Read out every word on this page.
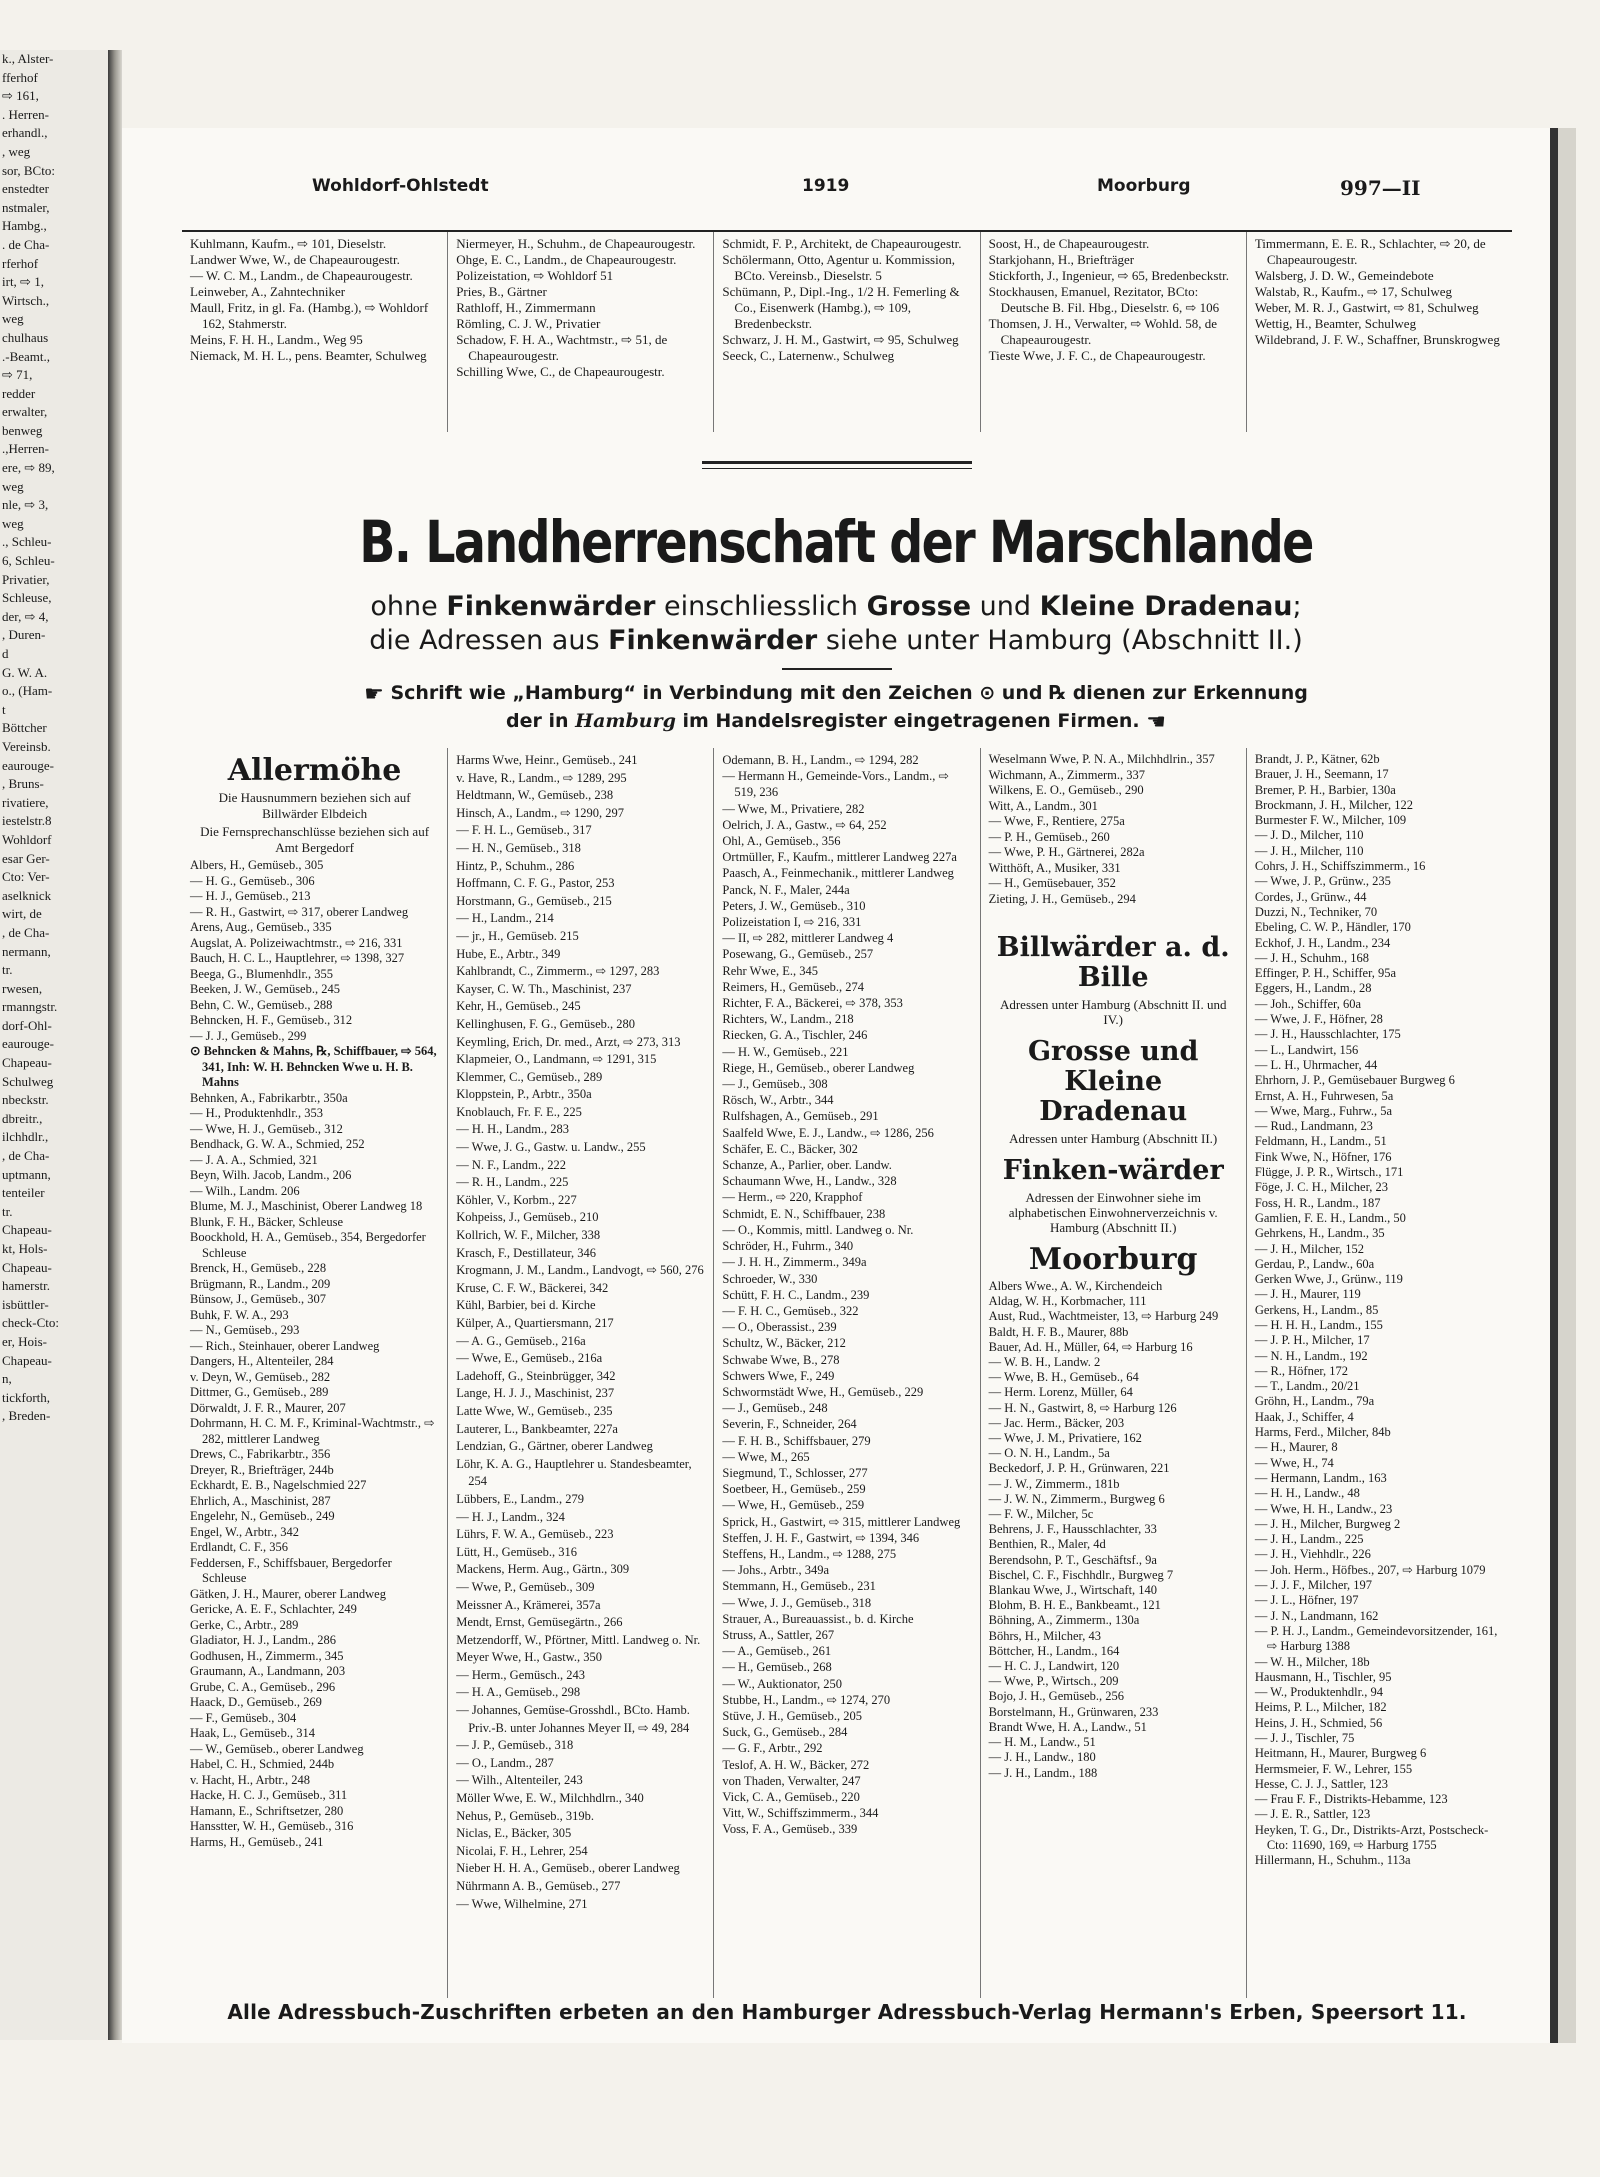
k., Alster-
fferhof
⇨ 161,
. Herren-
erhandl.,
, weg
sor, BCto:
enstedter
nstmaler,
Hambg.,
. de Cha-
rferhof
irt, ⇨ 1,
Wirtsch.,
weg
chulhaus
.-Beamt.,
⇨ 71,
redder
erwalter,
benweg
.,Herren-
ere, ⇨ 89,
weg
nle, ⇨ 3,
weg
., Schleu-
6, Schleu-
Privatier,
Schleuse,
der, ⇨ 4,
, Duren-
d
G. W. A.
o., (Ham-
t
Böttcher
Vereinsb.
eaurouge-
, Bruns-
rivatiere,
iestelstr.8
Wohldorf
esar Ger-
Cto: Ver-
aselknick
wirt, de
, de Cha-
nermann,
tr.
rwesen,
rmanngstr.
dorf-Ohl-
eaurouge-
Chapeau-
Schulweg
nbeckstr.
dbreitr.,
ilchhdlr.,
, de Cha-
uptmann,
tenteiler
tr.
Chapeau-
kt, Hols-
Chapeau-
hamerstr.
isbüttler-
check-Cto:
er, Hois-
Chapeau-
n,
tickforth,
, Breden-
Wohldorf-Ohlstedt	1919	Moorburg	997—II
Kuhlmann, Kaufm., ⇨ 101, Dieselstr.
Landwer Wwe, W., de Chapeaurougestr.
— W. C. M., Landm., de Chapeaurougestr.
Leinweber, A., Zahntechniker
Maull, Fritz, in gl. Fa. (Hambg.), ⇨ Wohldorf 162, Stahmerstr.
Meins, F. H. H., Landm., Weg 95
Niemack, M. H. L., pens. Beamter, Schulweg
Niermeyer, H., Schuhm., de Chapeaurougestr.
Ohge, E. C., Landm., de Chapeaurougestr.
Polizeistation, ⇨ Wohldorf 51
Pries, B., Gärtner
Rathloff, H., Zimmermann
Römling, C. J. W., Privatier
Schadow, F. H. A., Wachtmstr., ⇨ 51, de Chapeaurougestr.
Schilling Wwe, C., de Chapeaurougestr.
Schmidt, F. P., Architekt, de Chapeaurougestr.
Schölermann, Otto, Agentur u. Kommission, BCto. Vereinsb., Dieselstr. 5
Schümann, P., Dipl.-Ing., 1/2 H. Femerling & Co., Eisenwerk (Hambg.), ⇨ 109, Bredenbeckstr.
Schwarz, J. H. M., Gastwirt, ⇨ 95, Schulweg
Seeck, C., Laternenw., Schulweg
Soost, H., de Chapeaurougestr.
Starkjohann, H., Briefträger
Stickforth, J., Ingenieur, ⇨ 65, Bredenbeckstr.
Stockhausen, Emanuel, Rezitator, BCto: Deutsche B. Fil. Hbg., Dieselstr. 6, ⇨ 106
Thomsen, J. H., Verwalter, ⇨ Wohld. 58, de Chapeaurougestr.
Tieste Wwe, J. F. C., de Chapeaurougestr.
Timmermann, E. E. R., Schlachter, ⇨ 20, de Chapeaurougestr.
Walsberg, J. D. W., Gemeindebote
Walstab, R., Kaufm., ⇨ 17, Schulweg
Weber, M. R. J., Gastwirt, ⇨ 81, Schulweg
Wettig, H., Beamter, Schulweg
Wildebrand, J. F. W., Schaffner, Brunskrogweg
B. Landherrenschaft der Marschlande
ohne Finkenwärder einschliesslich Grosse und Kleine Dradenau;
die Adressen aus Finkenwärder siehe unter Hamburg (Abschnitt II.)
☛ Schrift wie „Hamburg“ in Verbindung mit den Zeichen ⊙ und ℞ dienen zur Erkennung
der in Hamburg im Handelsregister eingetragenen Firmen. ☚
Allermöhe
Die Hausnummern beziehen sich auf Billwärder Elbdeich
Die Fernsprechanschlüsse beziehen sich auf Amt Bergedorf
Albers, H., Gemüseb., 305
— H. G., Gemüseb., 306
— H. J., Gemüseb., 213
— R. H., Gastwirt, ⇨ 317, oberer Landweg
Arens, Aug., Gemüseb., 335
Augslat, A. Polizeiwachtmstr., ⇨ 216, 331
Bauch, H. C. L., Hauptlehrer, ⇨ 1398, 327
Beega, G., Blumenhdlr., 355
Beeken, J. W., Gemüseb., 245
Behn, C. W., Gemüseb., 288
Behncken, H. F., Gemüseb., 312
— J. J., Gemüseb., 299
⊙ Behncken & Mahns, ℞, Schiffbauer, ⇨ 564, 341, Inh: W. H. Behncken Wwe u. H. B. Mahns
Behnken, A., Fabrikarbtr., 350a
— H., Produktenhdlr., 353
— Wwe, H. J., Gemüseb., 312
Bendhack, G. W. A., Schmied, 252
— J. A. A., Schmied, 321
Beyn, Wilh. Jacob, Landm., 206
— Wilh., Landm. 206
Blume, M. J., Maschinist, Oberer Landweg 18
Blunk, F. H., Bäcker, Schleuse
Boockhold, H. A., Gemüseb., 354, Bergedorfer Schleuse
Brenck, H., Gemüseb., 228
Brügmann, R., Landm., 209
Bünsow, J., Gemüseb., 307
Buhk, F. W. A., 293
— N., Gemüseb., 293
— Rich., Steinhauer, oberer Landweg
Dangers, H., Altenteiler, 284
v. Deyn, W., Gemüseb., 282
Dittmer, G., Gemüseb., 289
Dörwaldt, J. F. R., Maurer, 207
Dohrmann, H. C. M. F., Kriminal-Wachtmstr., ⇨ 282, mittlerer Landweg
Drews, C., Fabrikarbtr., 356
Dreyer, R., Briefträger, 244b
Eckhardt, E. B., Nagelschmied 227
Ehrlich, A., Maschinist, 287
Engelehr, N., Gemüseb., 249
Engel, W., Arbtr., 342
Erdlandt, C. F., 356
Feddersen, F., Schiffsbauer, Bergedorfer Schleuse
Gätken, J. H., Maurer, oberer Landweg
Gericke, A. E. F., Schlachter, 249
Gerke, C., Arbtr., 289
Gladiator, H. J., Landm., 286
Godhusen, H., Zimmerm., 345
Graumann, A., Landmann, 203
Grube, C. A., Gemüseb., 296
Haack, D., Gemüseb., 269
— F., Gemüseb., 304
Haak, L., Gemüseb., 314
— W., Gemüseb., oberer Landweg
Habel, C. H., Schmied, 244b
v. Hacht, H., Arbtr., 248
Hacke, H. C. J., Gemüseb., 311
Hamann, E., Schriftsetzer, 280
Hansstter, W. H., Gemüseb., 316
Harms, H., Gemüseb., 241
Harms Wwe, Heinr., Gemüseb., 241
v. Have, R., Landm., ⇨ 1289, 295
Heldtmann, W., Gemüseb., 238
Hinsch, A., Landm., ⇨ 1290, 297
— F. H. L., Gemüseb., 317
— H. N., Gemüseb., 318
Hintz, P., Schuhm., 286
Hoffmann, C. F. G., Pastor, 253
Horstmann, G., Gemüseb., 215
— H., Landm., 214
— jr., H., Gemüseb. 215
Hube, E., Arbtr., 349
Kahlbrandt, C., Zimmerm., ⇨ 1297, 283
Kayser, C. W. Th., Maschinist, 237
Kehr, H., Gemüseb., 245
Kellinghusen, F. G., Gemüseb., 280
Keymling, Erich, Dr. med., Arzt, ⇨ 273, 313
Klapmeier, O., Landmann, ⇨ 1291, 315
Klemmer, C., Gemüseb., 289
Kloppstein, P., Arbtr., 350a
Knoblauch, Fr. F. E., 225
— H. H., Landm., 283
— Wwe, J. G., Gastw. u. Landw., 255
— N. F., Landm., 222
— R. H., Landm., 225
Köhler, V., Korbm., 227
Kohpeiss, J., Gemüseb., 210
Kollrich, W. F., Milcher, 338
Krasch, F., Destillateur, 346
Krogmann, J. M., Landm., Landvogt, ⇨ 560, 276
Kruse, C. F. W., Bäckerei, 342
Kühl, Barbier, bei d. Kirche
Külper, A., Quartiersmann, 217
— A. G., Gemüseb., 216a
— Wwe, E., Gemüseb., 216a
Ladehoff, G., Steinbrügger, 342
Lange, H. J. J., Maschinist, 237
Latte Wwe, W., Gemüseb., 235
Lauterer, L., Bankbeamter, 227a
Lendzian, G., Gärtner, oberer Landweg
Löhr, K. A. G., Hauptlehrer u. Standesbeamter, 254
Lübbers, E., Landm., 279
— H. J., Landm., 324
Lührs, F. W. A., Gemüseb., 223
Lütt, H., Gemüseb., 316
Mackens, Herm. Aug., Gärtn., 309
— Wwe, P., Gemüseb., 309
Meissner A., Krämerei, 357a
Mendt, Ernst, Gemüsegärtn., 266
Metzendorff, W., Pförtner, Mittl. Landweg o. Nr.
Meyer Wwe, H., Gastw., 350
— Herm., Gemüsch., 243
— H. A., Gemüseb., 298
— Johannes, Gemüse-Grosshdl., BCto. Hamb. Priv.-B. unter Johannes Meyer II, ⇨ 49, 284
— J. P., Gemüseb., 318
— O., Landm., 287
— Wilh., Altenteiler, 243
Möller Wwe, E. W., Milchhdlrn., 340
Nehus, P., Gemüseb., 319b.
Niclas, E., Bäcker, 305
Nicolai, F. H., Lehrer, 254
Nieber H. H. A., Gemüseb., oberer Landweg
Nührmann A. B., Gemüseb., 277
— Wwe, Wilhelmine, 271
Odemann, B. H., Landm., ⇨ 1294, 282
— Hermann H., Gemeinde-Vors., Landm., ⇨ 519, 236
— Wwe, M., Privatiere, 282
Oelrich, J. A., Gastw., ⇨ 64, 252
Ohl, A., Gemüseb., 356
Ortmüller, F., Kaufm., mittlerer Landweg 227a
Paasch, A., Feinmechanik., mittlerer Landweg
Panck, N. F., Maler, 244a
Peters, J. W., Gemüseb., 310
Polizeistation I, ⇨ 216, 331
— II, ⇨ 282, mittlerer Landweg 4
Posewang, G., Gemüseb., 257
Rehr Wwe, E., 345
Reimers, H., Gemüseb., 274
Richter, F. A., Bäckerei, ⇨ 378, 353
Richters, W., Landm., 218
Riecken, G. A., Tischler, 246
— H. W., Gemüseb., 221
Riege, H., Gemüseb., oberer Landweg
— J., Gemüseb., 308
Rösch, W., Arbtr., 344
Rulfshagen, A., Gemüseb., 291
Saalfeld Wwe, E. J., Landw., ⇨ 1286, 256
Schäfer, E. C., Bäcker, 302
Schanze, A., Parlier, ober. Landw.
Schaumann Wwe, H., Landw., 328
— Herm., ⇨ 220, Krapphof
Schmidt, E. N., Schiffbauer, 238
— O., Kommis, mittl. Landweg o. Nr.
Schröder, H., Fuhrm., 340
— J. H. H., Zimmerm., 349a
Schroeder, W., 330
Schütt, F. H. C., Landm., 239
— F. H. C., Gemüseb., 322
— O., Oberassist., 239
Schultz, W., Bäcker, 212
Schwabe Wwe, B., 278
Schwers Wwe, F., 249
Schwormstädt Wwe, H., Gemüseb., 229
— J., Gemüseb., 248
Severin, F., Schneider, 264
— F. H. B., Schiffsbauer, 279
— Wwe, M., 265
Siegmund, T., Schlosser, 277
Soetbeer, H., Gemüseb., 259
— Wwe, H., Gemüseb., 259
Sprick, H., Gastwirt, ⇨ 315, mittlerer Landweg
Steffen, J. H. F., Gastwirt, ⇨ 1394, 346
Steffens, H., Landm., ⇨ 1288, 275
— Johs., Arbtr., 349a
Stemmann, H., Gemüseb., 231
— Wwe, J. J., Gemüseb., 318
Strauer, A., Bureauassist., b. d. Kirche
Struss, A., Sattler, 267
— A., Gemüseb., 261
— H., Gemüseb., 268
— W., Auktionator, 250
Stubbe, H., Landm., ⇨ 1274, 270
Stüve, J. H., Gemüseb., 205
Suck, G., Gemüseb., 284
— G. F., Arbtr., 292
Teslof, A. H. W., Bäcker, 272
von Thaden, Verwalter, 247
Vick, C. A., Gemüseb., 220
Vitt, W., Schiffszimmerm., 344
Voss, F. A., Gemüseb., 339
Weselmann Wwe, P. N. A., Milchhdlrin., 357
Wichmann, A., Zimmerm., 337
Wilkens, E. O., Gemüseb., 290
Witt, A., Landm., 301
— Wwe, F., Rentiere, 275a
— P. H., Gemüseb., 260
— Wwe, P. H., Gärtnerei, 282a
Witthöft, A., Musiker, 331
— H., Gemüsebauer, 352
Zieting, J. H., Gemüseb., 294
Billwärder a. d. Bille
Adressen unter Hamburg (Abschnitt II. und IV.)
Grosse und Kleine Dradenau
Adressen unter Hamburg (Abschnitt II.)
Finken-wärder
Adressen der Einwohner siehe im alphabetischen Einwohnerverzeichnis v. Hamburg (Abschnitt II.)
Moorburg
Albers Wwe., A. W., Kirchendeich
Aldag, W. H., Korbmacher, 111
Aust, Rud., Wachtmeister, 13, ⇨ Harburg 249
Baldt, H. F. B., Maurer, 88b
Bauer, Ad. H., Müller, 64, ⇨ Harburg 16
— W. B. H., Landw. 2
— Wwe, B. H., Gemüseb., 64
— Herm. Lorenz, Müller, 64
— H. N., Gastwirt, 8, ⇨ Harburg 126
— Jac. Herm., Bäcker, 203
— Wwe, J. M., Privatiere, 162
— O. N. H., Landm., 5a
Beckedorf, J. P. H., Grünwaren, 221
— J. W., Zimmerm., 181b
— J. W. N., Zimmerm., Burgweg 6
— F. W., Milcher, 5c
Behrens, J. F., Hausschlachter, 33
Benthien, R., Maler, 4d
Berendsohn, P. T., Geschäftsf., 9a
Bischel, C. F., Fischhdlr., Burgweg 7
Blankau Wwe, J., Wirtschaft, 140
Blohm, B. H. E., Bankbeamt., 121
Böhning, A., Zimmerm., 130a
Böhrs, H., Milcher, 43
Böttcher, H., Landm., 164
— H. C. J., Landwirt, 120
— Wwe, P., Wirtsch., 209
Bojo, J. H., Gemüseb., 256
Borstelmann, H., Grünwaren, 233
Brandt Wwe, H. A., Landw., 51
— H. M., Landw., 51
— J. H., Landw., 180
— J. H., Landm., 188
Brandt, J. P., Kätner, 62b
Brauer, J. H., Seemann, 17
Bremer, P. H., Barbier, 130a
Brockmann, J. H., Milcher, 122
Burmester F. W., Milcher, 109
— J. D., Milcher, 110
— J. H., Milcher, 110
Cohrs, J. H., Schiffszimmerm., 16
— Wwe, J. P., Grünw., 235
Cordes, J., Grünw., 44
Duzzi, N., Techniker, 70
Ebeling, C. W. P., Händler, 170
Eckhof, J. H., Landm., 234
— J. H., Schuhm., 168
Effinger, P. H., Schiffer, 95a
Eggers, H., Landm., 28
— Joh., Schiffer, 60a
— Wwe, J. F., Höfner, 28
— J. H., Hausschlachter, 175
— L., Landwirt, 156
— L. H., Uhrmacher, 44
Ehrhorn, J. P., Gemüsebauer Burgweg 6
Ernst, A. H., Fuhrwesen, 5a
— Wwe, Marg., Fuhrw., 5a
— Rud., Landmann, 23
Feldmann, H., Landm., 51
Fink Wwe, N., Höfner, 176
Flügge, J. P. R., Wirtsch., 171
Föge, J. C. H., Milcher, 23
Foss, H. R., Landm., 187
Gamlien, F. E. H., Landm., 50
Gehrkens, H., Landm., 35
— J. H., Milcher, 152
Gerdau, P., Landw., 60a
Gerken Wwe, J., Grünw., 119
— J. H., Maurer, 119
Gerkens, H., Landm., 85
— H. H. H., Landm., 155
— J. P. H., Milcher, 17
— N. H., Landm., 192
— R., Höfner, 172
— T., Landm., 20/21
Gröhn, H., Landm., 79a
Haak, J., Schiffer, 4
Harms, Ferd., Milcher, 84b
— H., Maurer, 8
— Wwe, H., 74
— Hermann, Landm., 163
— H. H., Landw., 48
— Wwe, H. H., Landw., 23
— J. H., Milcher, Burgweg 2
— J. H., Landm., 225
— J. H., Viehhdlr., 226
— Joh. Herm., Höfbes., 207, ⇨ Harburg 1079
— J. J. F., Milcher, 197
— J. L., Höfner, 197
— J. N., Landmann, 162
— P. H. J., Landm., Gemeindevorsitzender, 161, ⇨ Harburg 1388
— W. H., Milcher, 18b
Hausmann, H., Tischler, 95
— W., Produktenhdlr., 94
Heims, P. L., Milcher, 182
Heins, J. H., Schmied, 56
— J. J., Tischler, 75
Heitmann, H., Maurer, Burgweg 6
Hermsmeier, F. W., Lehrer, 155
Hesse, C. J. J., Sattler, 123
— Frau F. F., Distrikts-Hebamme, 123
— J. E. R., Sattler, 123
Heyken, T. G., Dr., Distrikts-Arzt, Postscheck-Cto: 11690, 169, ⇨ Harburg 1755
Hillermann, H., Schuhm., 113a
Alle Adressbuch-Zuschriften erbeten an den Hamburger Adressbuch-Verlag Hermann's Erben, Speersort 11.
